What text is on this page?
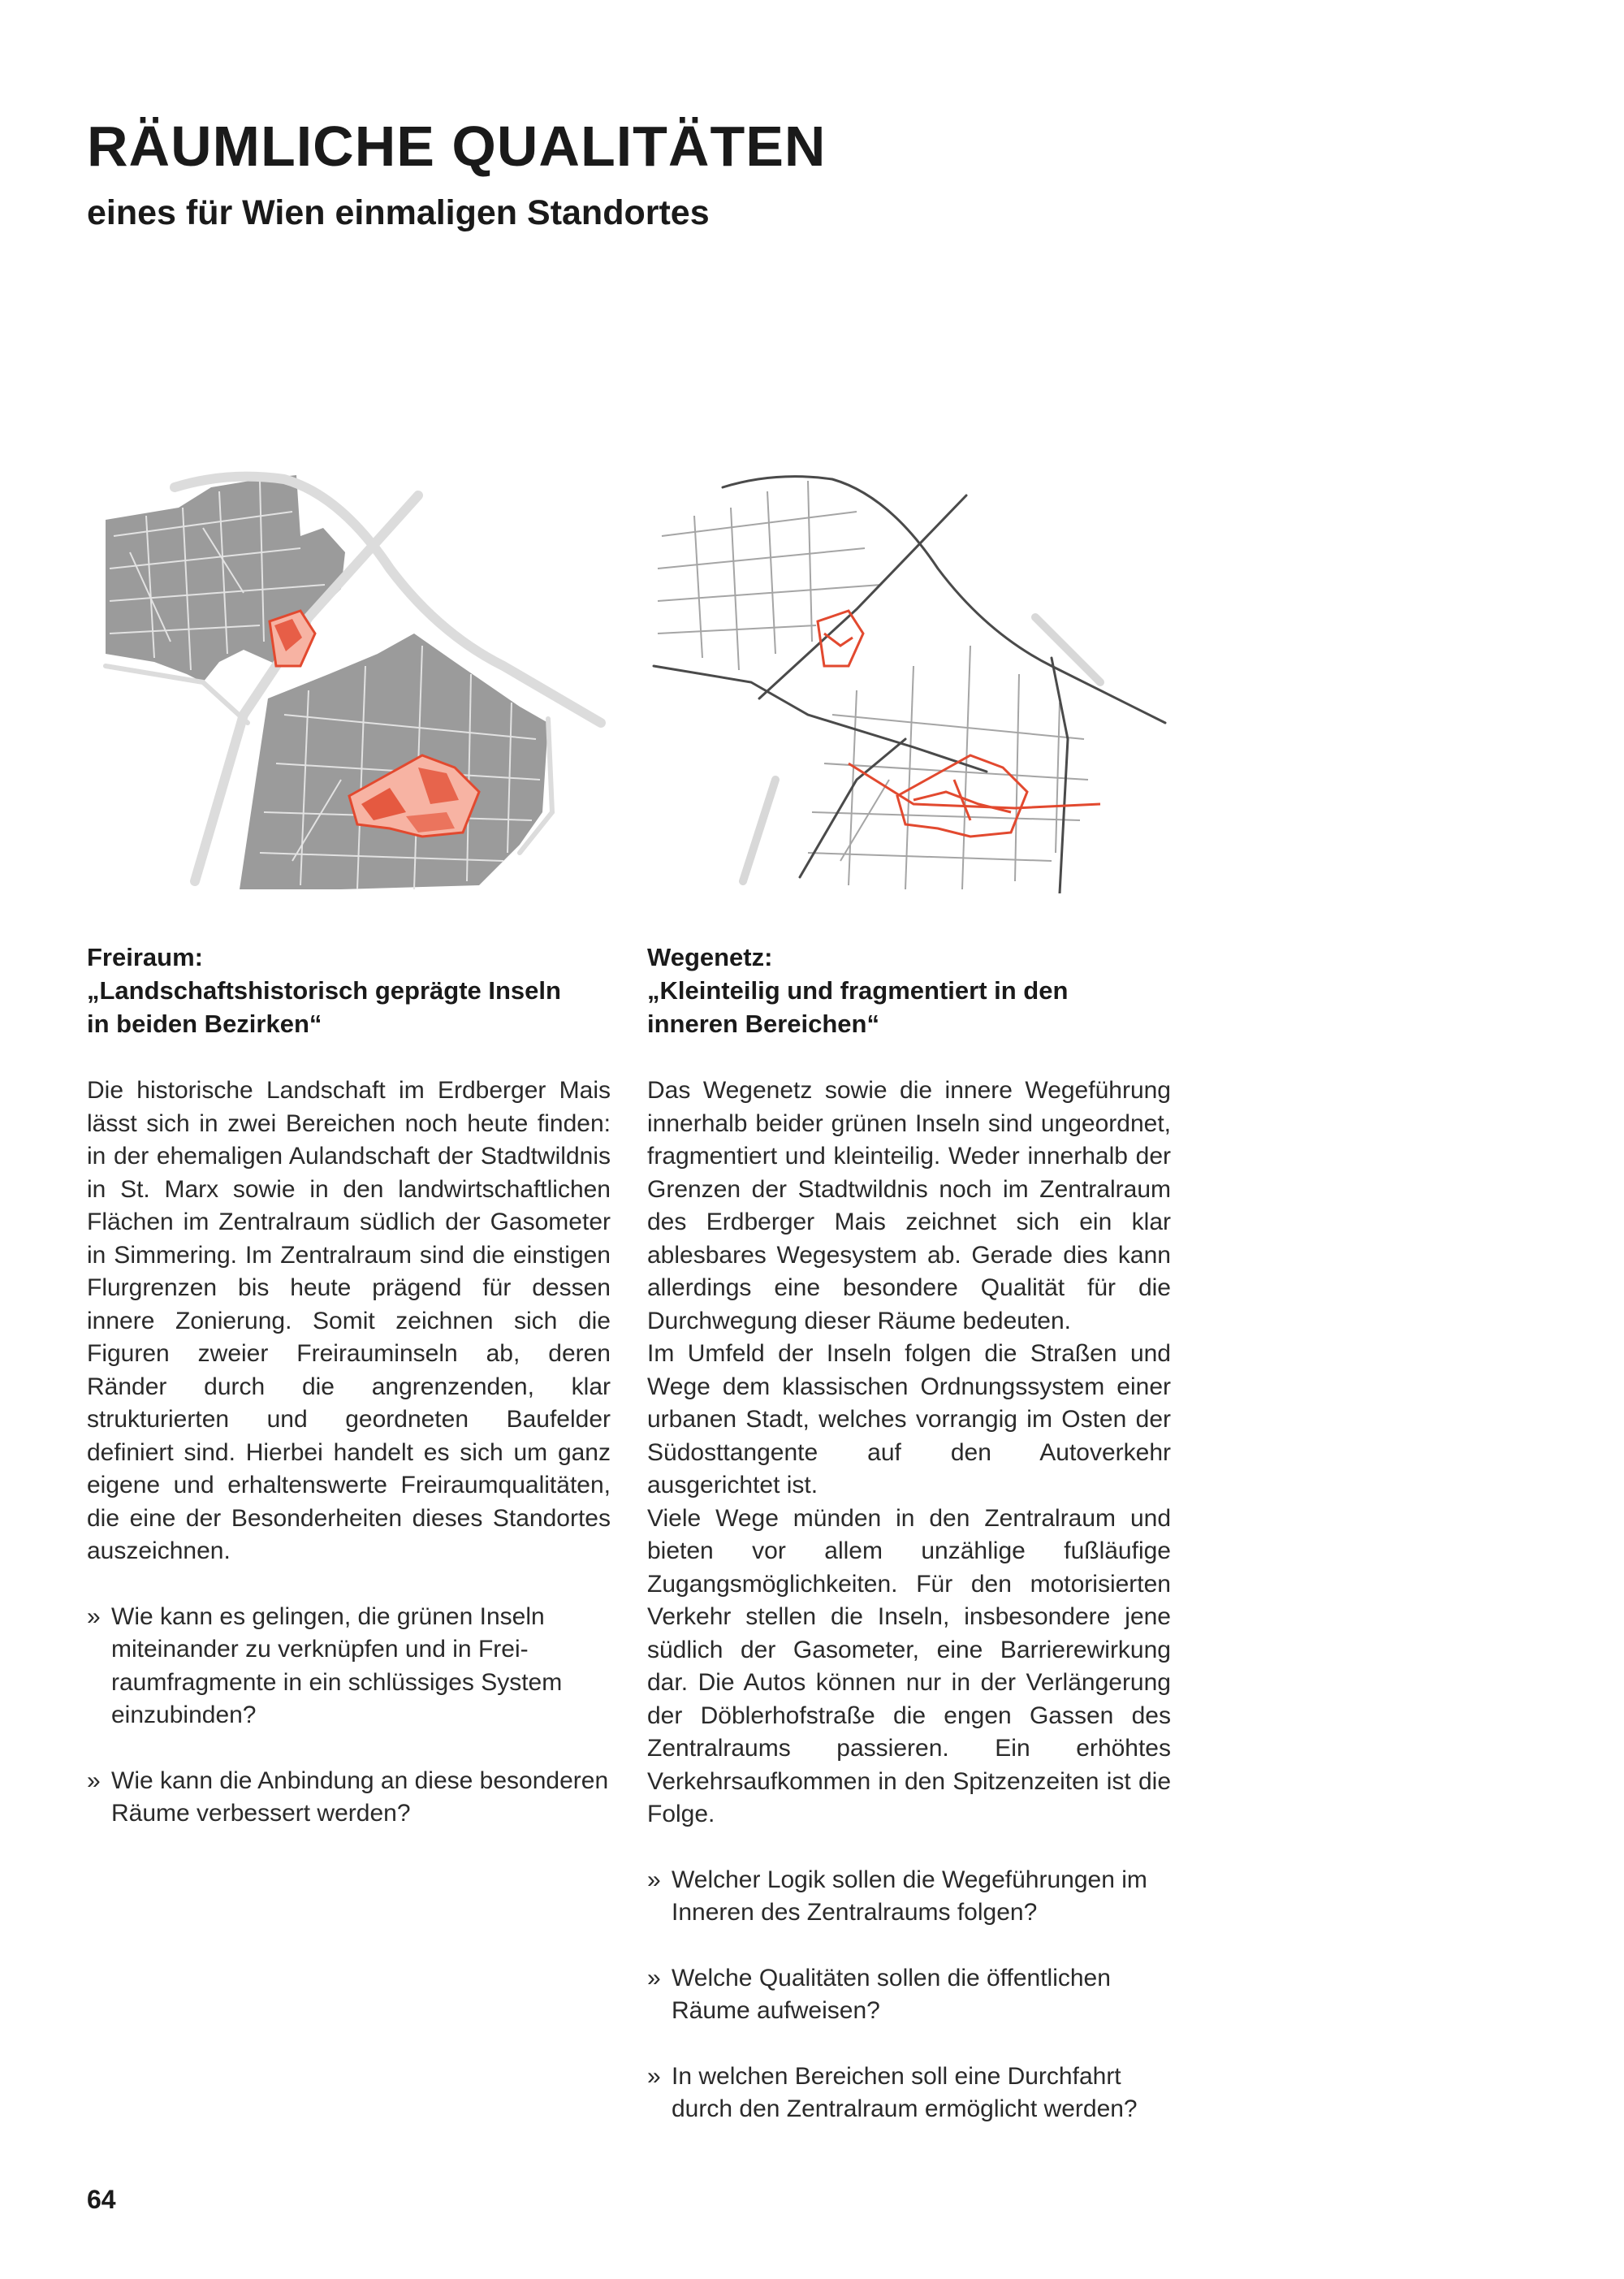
RÄUMLICHE QUALITÄTEN
eines für Wien einmaligen Standortes
Freiraum:
„Landschaftshistorisch geprägte Inseln
in beiden Bezirken“

Die historische Landschaft im Erdberger Mais lässt sich in zwei Bereichen noch heute finden: in der ehemaligen Aulandschaft der Stadtwildnis in St. Marx sowie in den landwirtschaftlichen Flächen im Zentralraum südlich der Gasometer in Simmering. Im Zentralraum sind die einstigen Flurgrenzen bis heute prägend für dessen innere Zonierung. Somit zeichnen sich die Figuren zweier Freirauminseln ab, deren Ränder durch die angrenzenden, klar strukturierten und geordneten Baufelder definiert sind. Hierbei handelt es sich um ganz eigene und erhaltenswerte Freiraumqualitäten, die eine der Besonderheiten dieses Standortes auszeichnen.

» Wie kann es gelingen, die grünen Inseln miteinander zu verknüpfen und in Freiraumfragmente in ein schlüssiges System einzubinden?
» Wie kann die Anbindung an diese besonderen Räume verbessert werden?
Wegenetz:
„Kleinteilig und fragmentiert in den
inneren Bereichen“

Das Wegenetz sowie die innere Wegeführung innerhalb beider grünen Inseln sind ungeordnet, fragmentiert und kleinteilig. Weder innerhalb der Grenzen der Stadtwildnis noch im Zentralraum des Erdberger Mais zeichnet sich ein klar ablesbares Wegesystem ab. Gerade dies kann allerdings eine besondere Qualität für die Durchwegung dieser Räume bedeuten.

Im Umfeld der Inseln folgen die Straßen und Wege dem klassischen Ordnungssystem einer urbanen Stadt, welches vorrangig im Osten der Südosttangente auf den Autoverkehr ausgerichtet ist.

Viele Wege münden in den Zentralraum und bieten vor allem unzählige fußläufige Zugangsmöglichkeiten. Für den motorisierten Verkehr stellen die Inseln, insbesondere jene südlich der Gasometer, eine Barrierewirkung dar. Die Autos können nur in der Verlängerung der Döblerhofstraße die engen Gassen des Zentralraums passieren. Ein erhöhtes Verkehrsaufkommen in den Spitzenzeiten ist die Folge.

» Welcher Logik sollen die Wegeführungen im Inneren des Zentralraums folgen?
» Welche Qualitäten sollen die öffentlichen Räume aufweisen?
» In welchen Bereichen soll eine Durchfahrt durch den Zentralraum ermöglicht werden?
64
